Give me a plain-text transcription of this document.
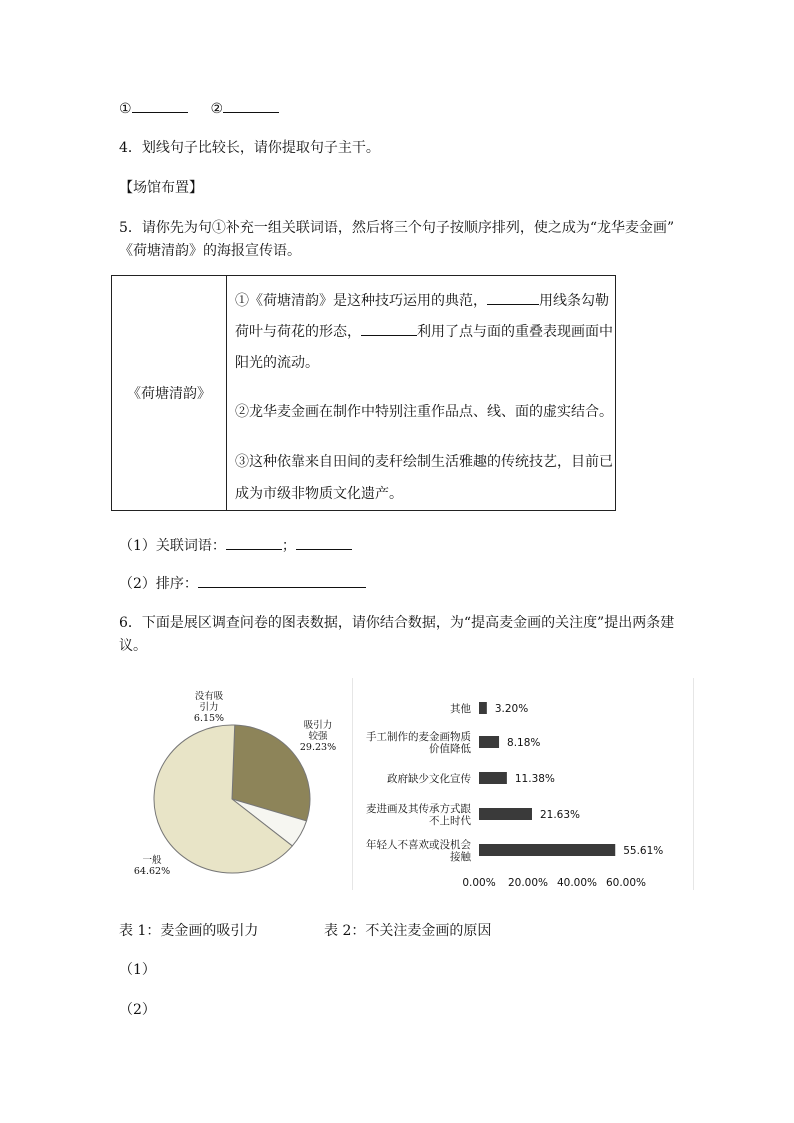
①	②
4．划线句子比较长，请你提取句子主干。
【场馆布置】
5．请你先为句①补充一组关联词语，然后将三个句子按顺序排列，使之成为“龙华麦金画”
《荷塘清韵》的海报宣传语。
《荷塘清韵》	
①《荷塘清韵》是这种技巧运用的典范，	用线条勾勒
荷叶与荷花的形态，	利用了点与面的重叠表现画面中
阳光的流动。
②龙华麦金画在制作中特别注重作品点、线、面的虚实结合。
③这种依靠来自田间的麦秆绘制生活雅趣的传统技艺，目前已
成为市级非物质文化遗产。
（1）关联词语：	；
（2）排序：
6．下面是展区调查问卷的图表数据，请你结合数据，为“提高麦金画的关注度”提出两条建
议。
吸引力较强 29.23%
没有吸引力 6.15%
一般 64.62%
其他 3.20%
手工制作的麦金画物质价值降低	8.18%
政府缺少文化宣传	11.38%
麦进画及其传承方式跟不上时代	21.63%
年轻人不喜欢或没机会接触	55.61%
0.00% 20.00% 40.00% 60.00%
表 1：麦金画的吸引力	表 2：不关注麦金画的原因
（1）
（2）
